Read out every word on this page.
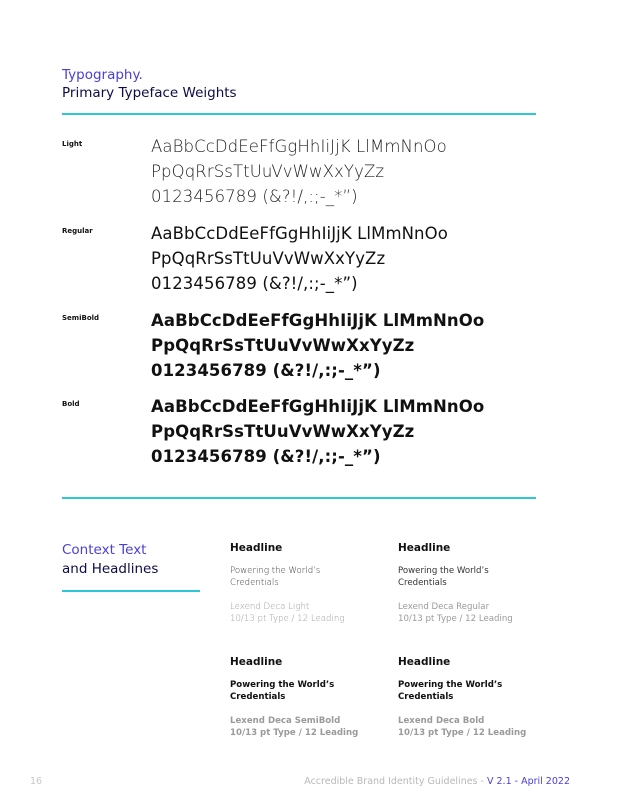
Typography.
Primary Typeface Weights
Light	AaBbCcDdEeFfGgHhIiJjK LlMmNnOo
PpQqRrSsTtUuVvWwXxYyZz
0123456789 (&?!/,:;-_*”)
Regular	AaBbCcDdEeFfGgHhIiJjK LlMmNnOo
PpQqRrSsTtUuVvWwXxYyZz
0123456789 (&?!/,:;-_*”)
SemiBold	AaBbCcDdEeFfGgHhIiJjK LlMmNnOo
PpQqRrSsTtUuVvWwXxYyZz
0123456789 (&?!/,:;-_*”)
Bold	AaBbCcDdEeFfGgHhIiJjK LlMmNnOo
PpQqRrSsTtUuVvWwXxYyZz
0123456789 (&?!/,:;-_*”)
Context Text
and Headlines
Headline
Powering the World’s
Credentials
Lexend Deca Light
10/13 pt Type / 12 Leading
Headline
Powering the World’s
Credentials
Lexend Deca Regular
10/13 pt Type / 12 Leading
Headline
Powering the World’s
Credentials
Lexend Deca SemiBold
10/13 pt Type / 12 Leading
Headline
Powering the World’s
Credentials
Lexend Deca Bold
10/13 pt Type / 12 Leading
16	Accredible Brand Identity Guidelines - V 2.1 - April 2022
